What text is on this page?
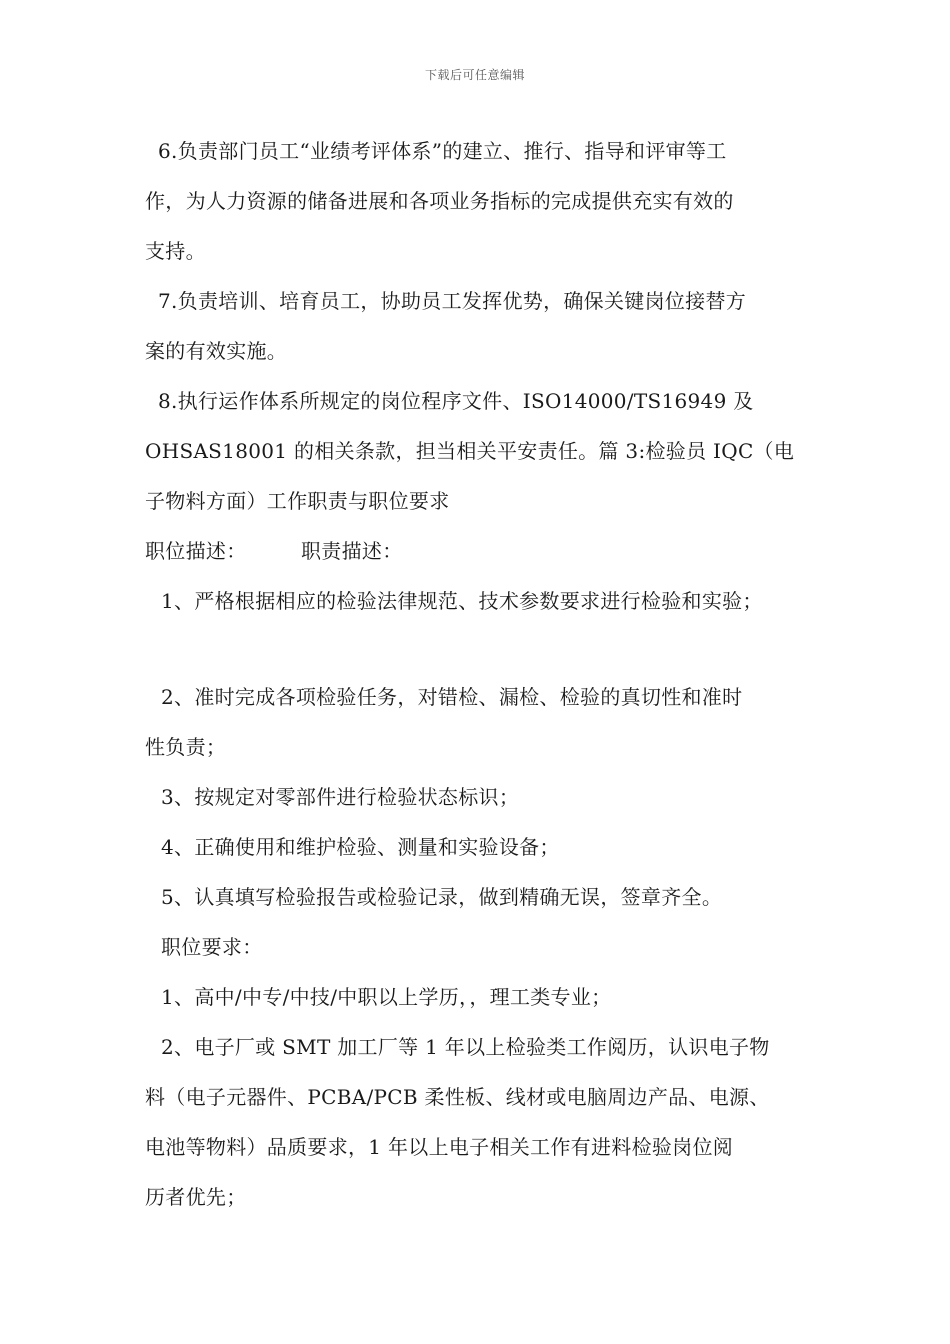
下载后可任意编辑
6.负责部门员工“业绩考评体系”的建立、推行、指导和评审等工
作，为人力资源的储备进展和各项业务指标的完成提供充实有效的
支持。
7.负责培训、培育员工，协助员工发挥优势，确保关键岗位接替方
案的有效实施。
8.执行运作体系所规定的岗位程序文件、ISO14000/TS16949 及
OHSAS18001 的相关条款，担当相关平安责任。篇 3:检验员 IQC（电
子物料方面）工作职责与职位要求
职位描述：	职责描述：
1、严格根据相应的检验法律规范、技术参数要求进行检验和实验；
2、准时完成各项检验任务，对错检、漏检、检验的真切性和准时
性负责；
3、按规定对零部件进行检验状态标识；
4、正确使用和维护检验、测量和实验设备；
5、认真填写检验报告或检验记录，做到精确无误，签章齐全。
职位要求：
1、高中/中专/中技/中职以上学历，，理工类专业；
2、电子厂或 SMT 加工厂等 1 年以上检验类工作阅历，认识电子物
料（电子元器件、PCBA/PCB 柔性板、线材或电脑周边产品、电源、
电池等物料）品质要求，1 年以上电子相关工作有进料检验岗位阅
历者优先；
